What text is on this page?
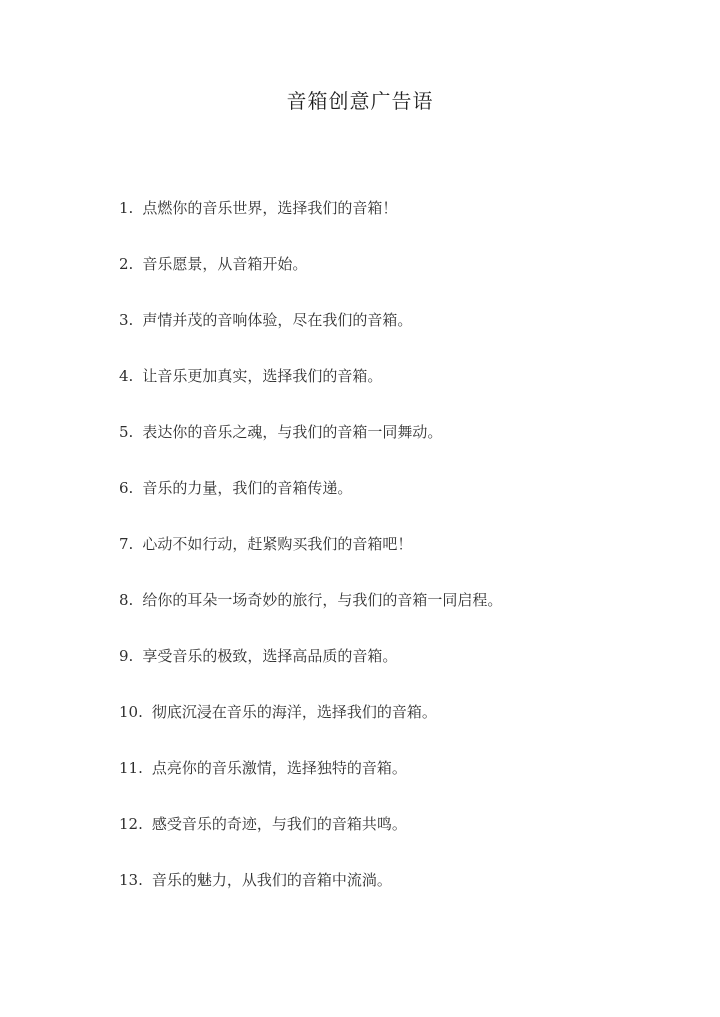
音箱创意广告语
1. 点燃你的音乐世界，选择我们的音箱！
2. 音乐愿景，从音箱开始。
3. 声情并茂的音响体验，尽在我们的音箱。
4. 让音乐更加真实，选择我们的音箱。
5. 表达你的音乐之魂，与我们的音箱一同舞动。
6. 音乐的力量，我们的音箱传递。
7. 心动不如行动，赶紧购买我们的音箱吧！
8. 给你的耳朵一场奇妙的旅行，与我们的音箱一同启程。
9. 享受音乐的极致，选择高品质的音箱。
10. 彻底沉浸在音乐的海洋，选择我们的音箱。
11. 点亮你的音乐激情，选择独特的音箱。
12. 感受音乐的奇迹，与我们的音箱共鸣。
13. 音乐的魅力，从我们的音箱中流淌。
